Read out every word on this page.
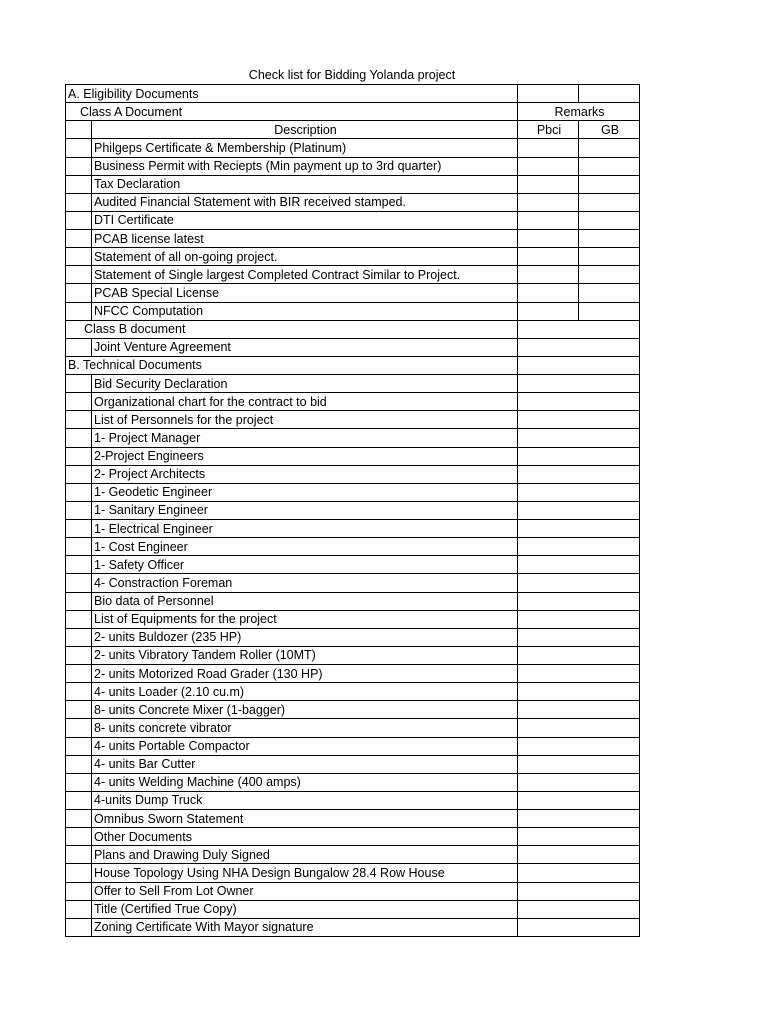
Check list for Bidding Yolanda project
A. Eligibility Documents			
Class A Document		Remarks	
	Description	Pbci	GB
	Philgeps Certificate & Membership (Platinum)		
	Business Permit with Reciepts (Min payment up to 3rd quarter)		
	Tax Declaration		
	Audited Financial Statement with BIR received stamped.		
	DTI Certificate		
	PCAB license latest		
	Statement of all on-going project.		
	Statement of Single largest Completed Contract Similar to Project.		
	PCAB Special License		
	NFCC Computation		
Class B document			
	Joint Venture Agreement		
B. Technical Documents			
	Bid Security Declaration		
	Organizational chart for the contract to bid		
	List of Personnels for the project		
	1- Project Manager		
	2-Project Engineers		
	2- Project Architects		
	1- Geodetic Engineer		
	1- Sanitary Engineer		
	1- Electrical Engineer		
	1- Cost Engineer		
	1- Safety Officer		
	4- Constraction Foreman		
	Bio data of Personnel		
	List of Equipments for the project		
	2- units Buldozer (235 HP)		
	2- units Vibratory Tandem Roller (10MT)		
	2- units Motorized Road Grader (130 HP)		
	4- units Loader (2.10 cu.m)		
	8- units Concrete Mixer (1-bagger)		
	8- units concrete vibrator		
	4- units Portable Compactor		
	4- units Bar Cutter		
	4- units Welding Machine (400 amps)		
	4-units Dump Truck		
	Omnibus Sworn Statement		
	Other Documents		
	Plans and Drawing Duly Signed		
	House Topology Using NHA Design Bungalow 28.4 Row House		
	Offer to Sell From Lot Owner		
	Title (Certified True Copy)		
	Zoning Certificate With Mayor signature		
